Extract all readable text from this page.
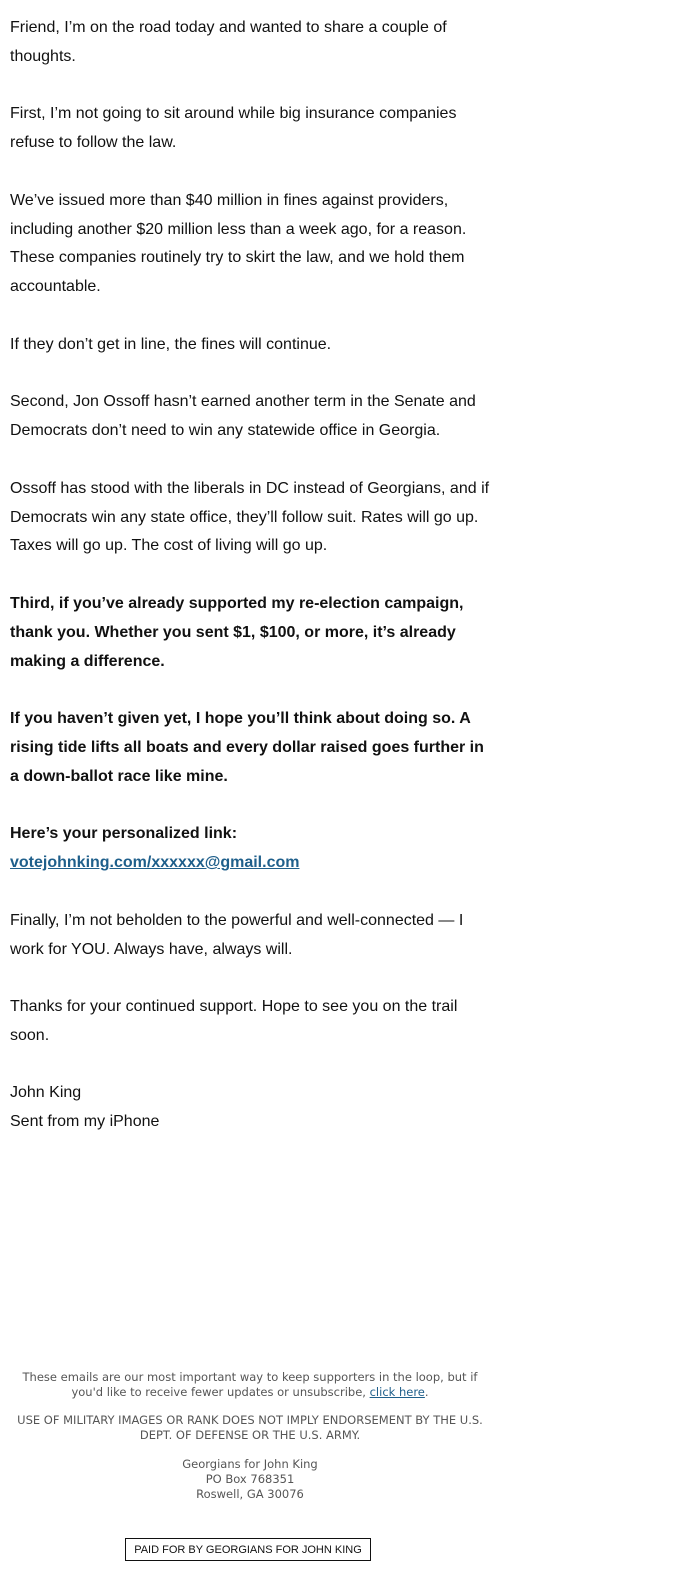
Friend, I’m on the road today and wanted to share a couple of thoughts.

First, I’m not going to sit around while big insurance companies refuse to follow the law.

We’ve issued more than $40 million in fines against providers, including another $20 million less than a week ago, for a reason. These companies routinely try to skirt the law, and we hold them accountable.

If they don’t get in line, the fines will continue.

Second, Jon Ossoff hasn’t earned another term in the Senate and Democrats don’t need to win any statewide office in Georgia.

Ossoff has stood with the liberals in DC instead of Georgians, and if Democrats win any state office, they’ll follow suit. Rates will go up. Taxes will go up. The cost of living will go up.

Third, if you’ve already supported my re-election campaign, thank you. Whether you sent $1, $100, or more, it’s already making a difference.

If you haven’t given yet, I hope you’ll think about doing so. A rising tide lifts all boats and every dollar raised goes further in a down-ballot race like mine.

Here’s your personalized link:
votejohnking.com/xxxxxx@gmail.com

Finally, I’m not beholden to the powerful and well-connected — I work for YOU. Always have, always will.

Thanks for your continued support. Hope to see you on the trail soon.

John King
Sent from my iPhone

These emails are our most important way to keep supporters in the loop, but if you'd like to receive fewer updates or unsubscribe, click here.
USE OF MILITARY IMAGES OR RANK DOES NOT IMPLY ENDORSEMENT BY THE U.S. DEPT. OF DEFENSE OR THE U.S. ARMY.
Georgians for John King
PO Box 768351
Roswell, GA 30076
PAID FOR BY GEORGIANS FOR JOHN KING
